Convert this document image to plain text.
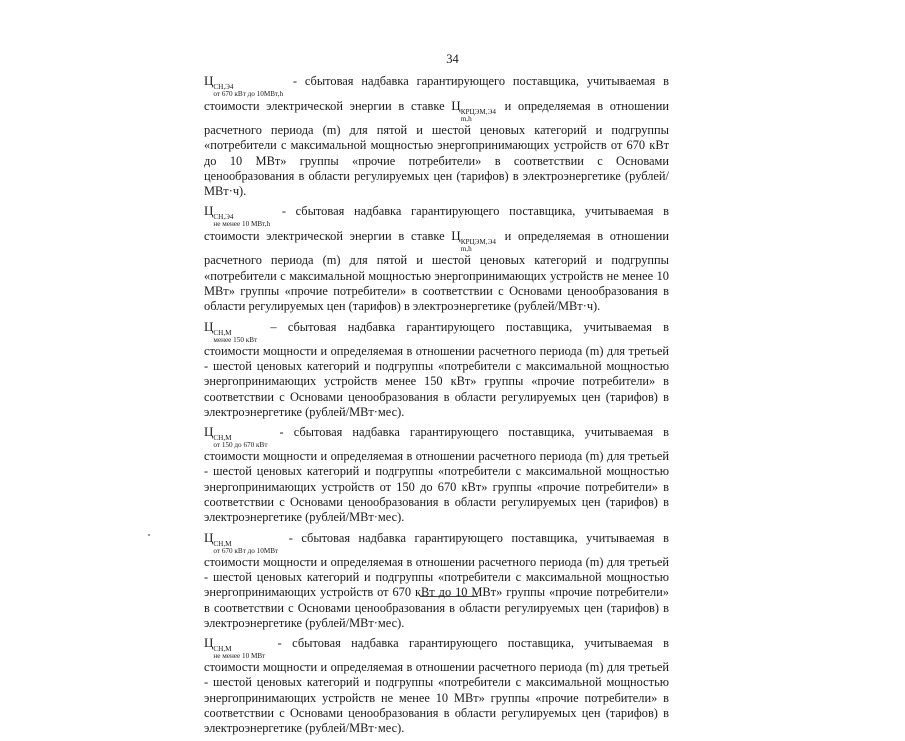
34

Ц СН,Э4
от 670 кВт до 10МВт,h
- сбытовая надбавка гарантирующего поставщика, учитываемая в стоимости электрической энергии в ставке Ц КРЦЭМ,Э4
m,h
и определяемая в отношении расчетного периода (m) для пятой и шестой ценовых категорий и подгруппы «потребители с максимальной мощностью энергопринимающих устройств от 670 кВт до 10 МВт» группы «прочие потребители» в соответствии с Основами ценообразования в области регулируемых цен (тарифов) в электроэнергетике (рублей/МВт·ч).

Ц СН,Э4
не менее 10 МВт,h
- сбытовая надбавка гарантирующего поставщика, учитываемая в стоимости электрической энергии в ставке Ц КРЦЭМ,Э4
m,h
и определяемая в отношении расчетного периода (m) для пятой и шестой ценовых категорий и подгруппы «потребители с максимальной мощностью энергопринимающих устройств не менее 10 МВт» группы «прочие потребители» в соответствии с Основами ценообразования в области регулируемых цен (тарифов) в электроэнергетике (рублей/МВт·ч).

Ц СН,М
менее 150 кВт
– сбытовая надбавка гарантирующего поставщика, учитываемая в стоимости мощности и определяемая в отношении расчетного периода (m) для третьей - шестой ценовых категорий и подгруппы «потребители с максимальной мощностью энергопринимающих устройств менее 150 кВт» группы «прочие потребители» в соответствии с Основами ценообразования в области регулируемых цен (тарифов) в электроэнергетике (рублей/МВт·мес).

Ц СН,М
от 150 до 670 кВт
- сбытовая надбавка гарантирующего поставщика, учитываемая в стоимости мощности и определяемая в отношении расчетного периода (m) для третьей - шестой ценовых категорий и подгруппы «потребители с максимальной мощностью энергопринимающих устройств от 150 до 670 кВт» группы «прочие потребители» в соответствии с Основами ценообразования в области регулируемых цен (тарифов) в электроэнергетике (рублей/МВт·мес).

Ц СН,М
от 670 кВт до 10МВт
- сбытовая надбавка гарантирующего поставщика, учитываемая в стоимости мощности и определяемая в отношении расчетного периода (m) для третьей - шестой ценовых категорий и подгруппы «потребители с максимальной мощностью энергопринимающих устройств от 670 кВт до 10 МВт» группы «прочие потребители» в соответствии с Основами ценообразования в области регулируемых цен (тарифов) в электроэнергетике (рублей/МВт·мес).

Ц СН,М
не менее 10 МВт
- сбытовая надбавка гарантирующего поставщика, учитываемая в стоимости мощности и определяемая в отношении расчетного периода (m) для третьей - шестой ценовых категорий и подгруппы «потребители с максимальной мощностью энергопринимающих устройств не менее 10 МВт» группы «прочие потребители» в соответствии с Основами ценообразования в области регулируемых цен (тарифов) в электроэнергетике (рублей/МВт·мес).
